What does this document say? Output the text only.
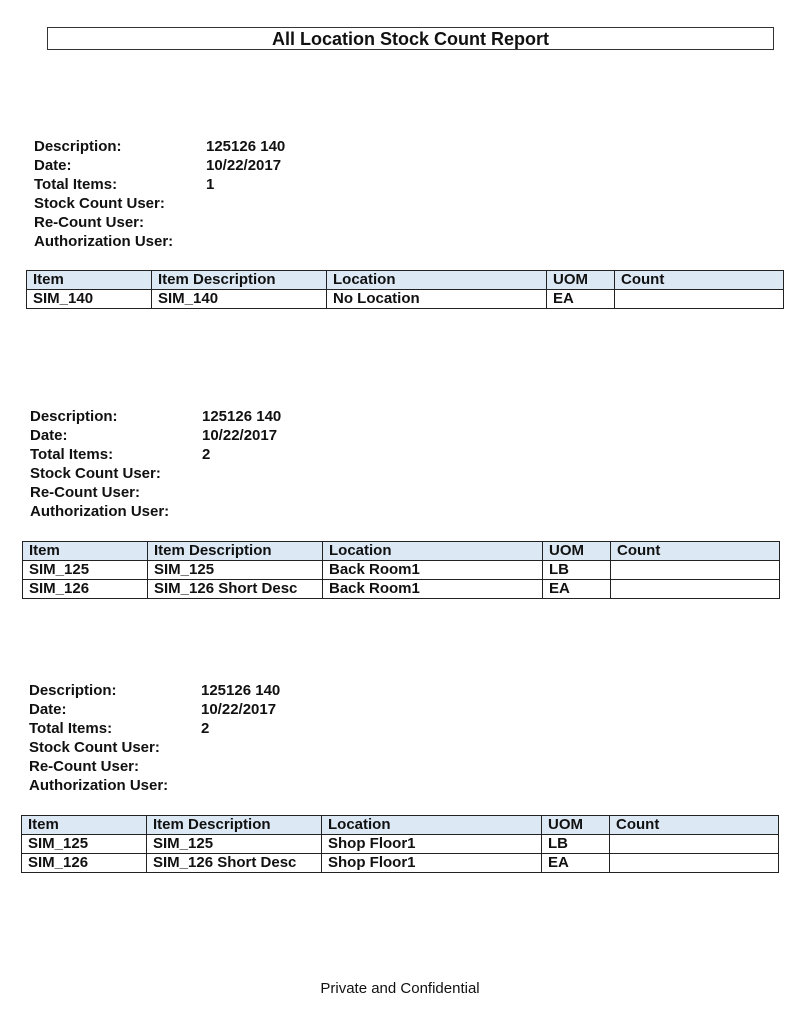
All Location Stock Count Report
Description:	125126 140
Date:	10/22/2017
Total Items:	1
Stock Count User:
Re-Count User:
Authorization User:
Item	Item Description	Location	UOM	Count
SIM_140	SIM_140	No Location	EA	
Description:	125126 140
Date:	10/22/2017
Total Items:	2
Stock Count User:
Re-Count User:
Authorization User:
Item	Item Description	Location	UOM	Count
SIM_125	SIM_125	Back Room1	LB	
SIM_126	SIM_126 Short Desc	Back Room1	EA	
Description:	125126 140
Date:	10/22/2017
Total Items:	2
Stock Count User:
Re-Count User:
Authorization User:
Item	Item Description	Location	UOM	Count
SIM_125	SIM_125	Shop Floor1	LB	
SIM_126	SIM_126 Short Desc	Shop Floor1	EA	
Private and Confidential
